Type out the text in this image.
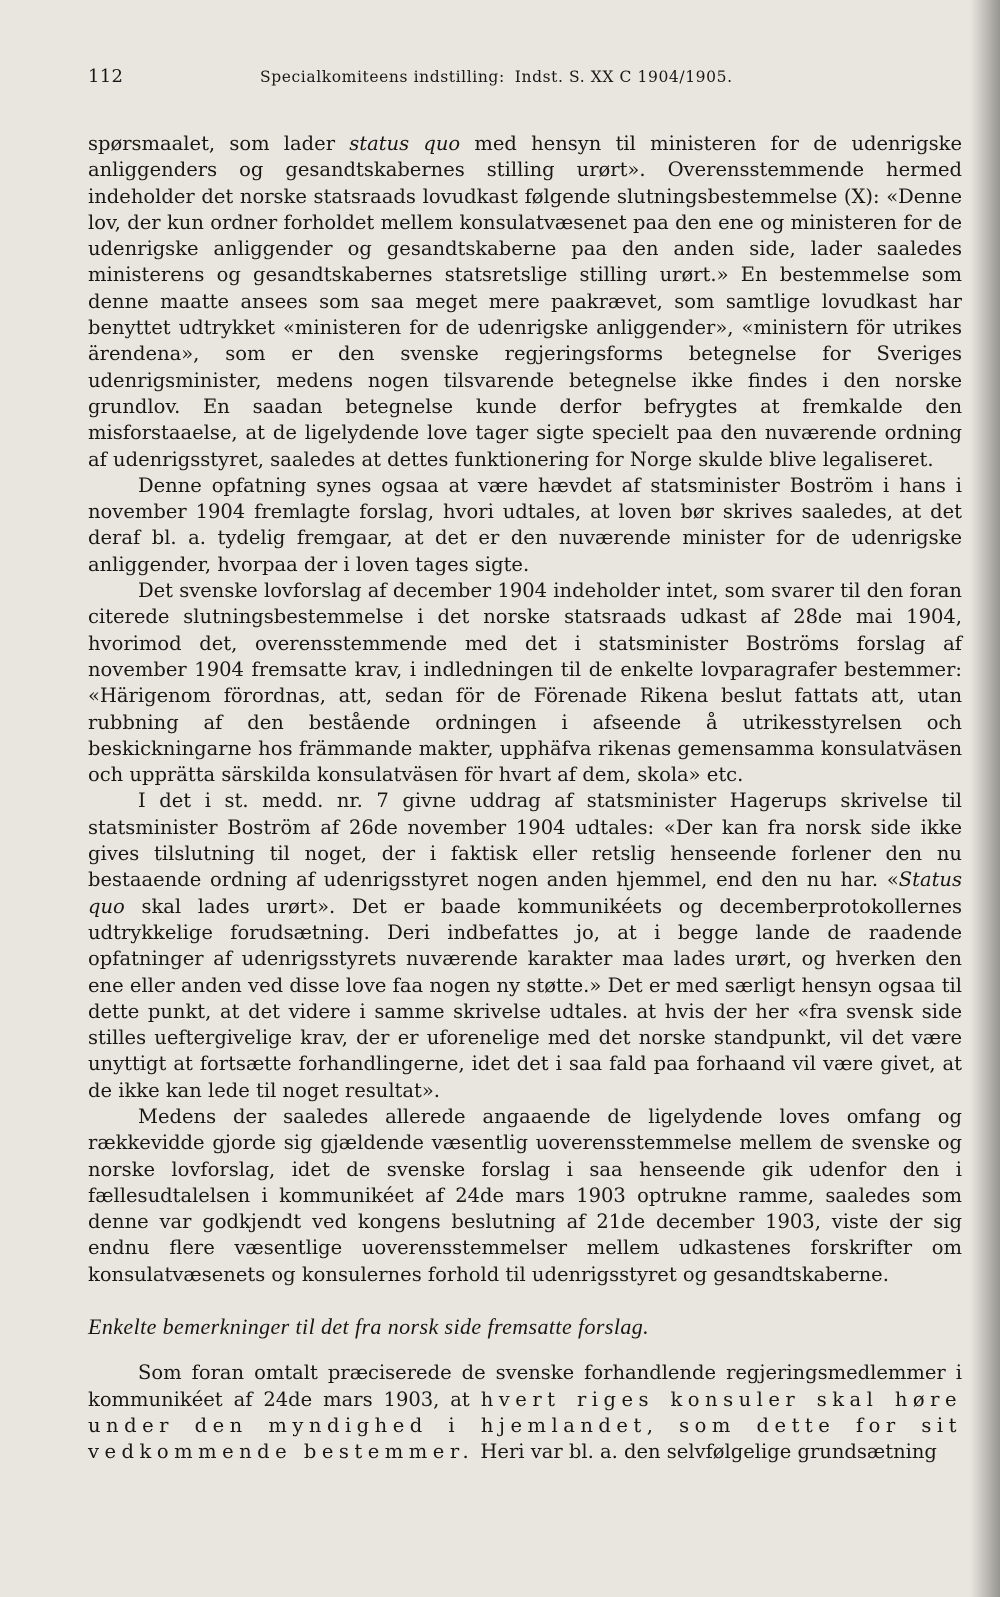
112	Specialkomiteens indstilling: Indst. S. XX C 1904/1905.

spørsmaalet, som lader status quo med hensyn til ministeren for de udenrigske anliggenders og gesandtskabernes stilling urørt». Overensstemmende hermed indeholder det norske statsraads lovudkast følgende slutningsbestemmelse (X): «Denne lov, der kun ordner forholdet mellem konsulatvæsenet paa den ene og ministeren for de udenrigske anliggender og gesandtskaberne paa den anden side, lader saaledes ministerens og gesandtskabernes statsretslige stilling urørt.» En bestemmelse som denne maatte ansees som saa meget mere paakrævet, som samtlige lovudkast har benyttet udtrykket «ministeren for de udenrigske anliggender», «ministern för utrikes ärendena», som er den svenske regjeringsforms betegnelse for Sveriges udenrigsminister, medens nogen tilsvarende betegnelse ikke findes i den norske grundlov. En saadan betegnelse kunde derfor befrygtes at fremkalde den misforstaaelse, at de ligelydende love tager sigte specielt paa den nuværende ordning af udenrigsstyret, saaledes at dettes funktionering for Norge skulde blive legaliseret.

Denne opfatning synes ogsaa at være hævdet af statsminister Boström i hans i november 1904 fremlagte forslag, hvori udtales, at loven bør skrives saaledes, at det deraf bl. a. tydelig fremgaar, at det er den nuværende minister for de udenrigske anliggender, hvorpaa der i loven tages sigte.

Det svenske lovforslag af december 1904 indeholder intet, som svarer til den foran citerede slutningsbestemmelse i det norske statsraads udkast af 28de mai 1904, hvorimod det, overensstemmende med det i statsminister Boströms forslag af november 1904 fremsatte krav, i indledningen til de enkelte lovparagrafer bestemmer: «Härigenom förordnas, att, sedan för de Förenade Rikena beslut fattats att, utan rubbning af den bestående ordningen i afseende å utrikesstyrelsen och beskickningarne hos främmande makter, upphäfva rikenas gemensamma konsulatväsen och upprätta särskilda konsulatväsen för hvart af dem, skola» etc.

I det i st. medd. nr. 7 givne uddrag af statsminister Hagerups skrivelse til statsminister Boström af 26de november 1904 udtales: «Der kan fra norsk side ikke gives tilslutning til noget, der i faktisk eller retslig henseende forlener den nu bestaaende ordning af udenrigsstyret nogen anden hjemmel, end den nu har. «Status quo skal lades urørt». Det er baade kommunikéets og decemberprotokollernes udtrykkelige forudsætning. Deri indbefattes jo, at i begge lande de raadende opfatninger af udenrigsstyrets nuværende karakter maa lades urørt, og hverken den ene eller anden ved disse love faa nogen ny støtte.» Det er med særligt hensyn ogsaa til dette punkt, at det videre i samme skrivelse udtales. at hvis der her «fra svensk side stilles ueftergivelige krav, der er uforenelige med det norske standpunkt, vil det være unyttigt at fortsætte forhandlingerne, idet det i saa fald paa forhaand vil være givet, at de ikke kan lede til noget resultat».

Medens der saaledes allerede angaaende de ligelydende loves omfang og rækkevidde gjorde sig gjældende væsentlig uoverensstemmelse mellem de svenske og norske lovforslag, idet de svenske forslag i saa henseende gik udenfor den i fællesudtalelsen i kommunikéet af 24de mars 1903 optrukne ramme, saaledes som denne var godkjendt ved kongens beslutning af 21de december 1903, viste der sig endnu flere væsentlige uoverensstemmelser mellem udkastenes forskrifter om konsulatvæsenets og konsulernes forhold til udenrigsstyret og gesandtskaberne.

Enkelte bemerkninger til det fra norsk side fremsatte forslag.

Som foran omtalt præciserede de svenske forhandlende regjeringsmedlemmer i kommunikéet af 24de mars 1903, at hvert riges konsuler skal høre under den myndighed i hjemlandet, som dette for sit vedkommende bestemmer. Heri var bl. a. den selvfølgelige grundsætning
